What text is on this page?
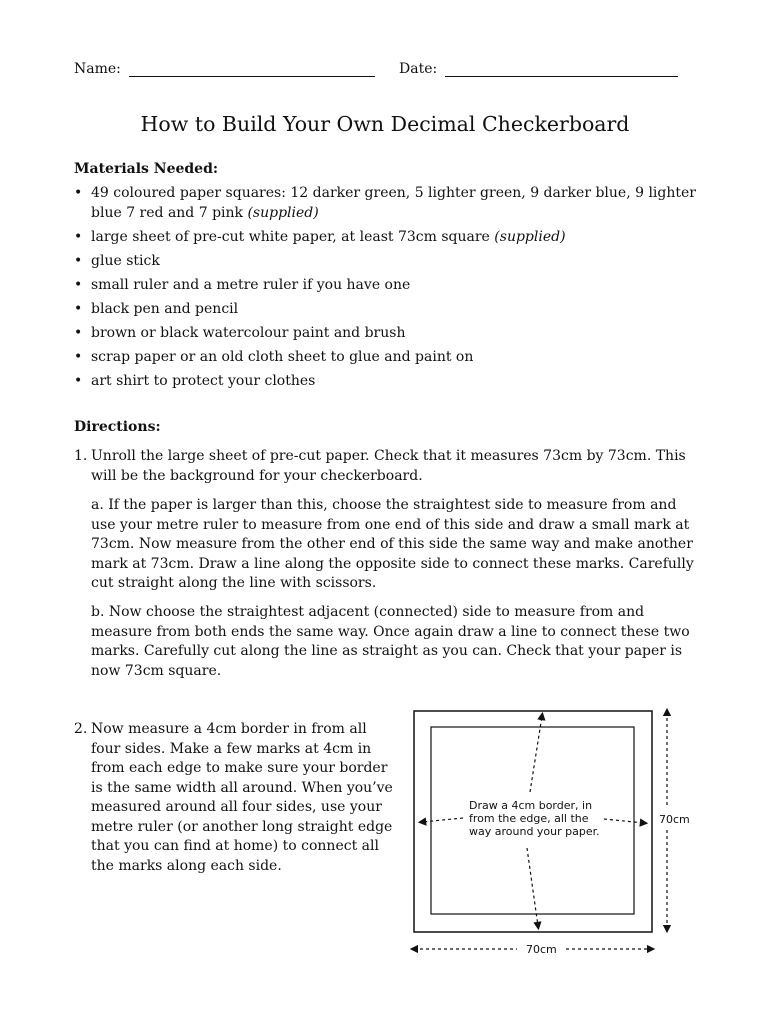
Name:	Date:
How to Build Your Own Decimal Checkerboard
Materials Needed:
• 49 coloured paper squares: 12 darker green, 5 lighter green, 9 darker blue, 9 lighter blue 7 red and 7 pink (supplied)
• large sheet of pre-cut white paper, at least 73cm square (supplied)
• glue stick
• small ruler and a metre ruler if you have one
• black pen and pencil
• brown or black watercolour paint and brush
• scrap paper or an old cloth sheet to glue and paint on
• art shirt to protect your clothes
Directions:
1. Unroll the large sheet of pre-cut paper. Check that it measures 73cm by 73cm. This will be the background for your checkerboard.
a. If the paper is larger than this, choose the straightest side to measure from and use your metre ruler to measure from one end of this side and draw a small mark at 73cm. Now measure from the other end of this side the same way and make another mark at 73cm. Draw a line along the opposite side to connect these marks. Carefully cut straight along the line with scissors.
b. Now choose the straightest adjacent (connected) side to measure from and measure from both ends the same way. Once again draw a line to connect these two marks. Carefully cut along the line as straight as you can. Check that your paper is now 73cm square.
2. Now measure a 4cm border in from all four sides. Make a few marks at 4cm in from each edge to make sure your border is the same width all around. When you’ve measured around all four sides, use your metre ruler (or another long straight edge that you can find at home) to connect all the marks along each side.
Draw a 4cm border, in
from the edge, all the
way around your paper.
70cm
70cm
